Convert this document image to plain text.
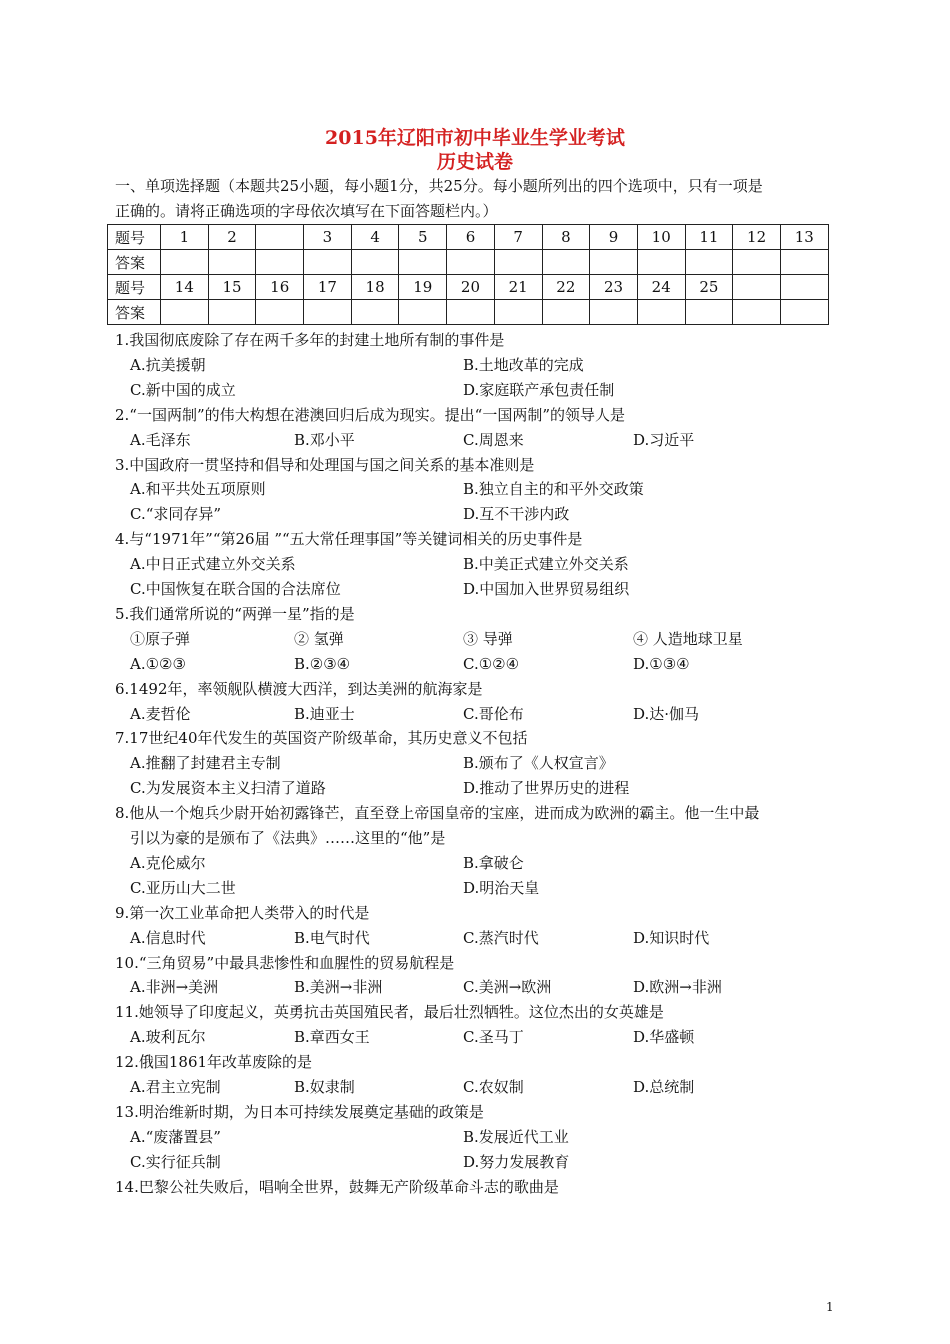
2015年辽阳市初中毕业生学业考试
历史试卷
一、单项选择题（本题共25小题，每小题1分，共25分。每小题所列出的四个选项中，只有一项是
正确的。请将正确选项的字母依次填写在下面答题栏内。）
题号	1	2		3	4	5	6	7	8	9	10	11	12	13
答案														
题号	14	15	16	17	18	19	20	21	22	23	24	25		
答案														
1.我国彻底废除了存在两千多年的封建土地所有制的事件是
A.抗美援朝	B.土地改革的完成
C.新中国的成立	D.家庭联产承包责任制
2.“一国两制”的伟大构想在港澳回归后成为现实。提出“一国两制”的领导人是
A.毛泽东	B.邓小平	C.周恩来	D.习近平
3.中国政府一贯坚持和倡导和处理国与国之间关系的基本准则是
A.和平共处五项原则	B.独立自主的和平外交政策
C.“求同存异”	D.互不干涉内政
4.与“1971年”“第26届 ”“五大常任理事国”等关键词相关的历史事件是
A.中日正式建立外交关系	B.中美正式建立外交关系
C.中国恢复在联合国的合法席位	D.中国加入世界贸易组织
5.我们通常所说的“两弹一星”指的是
①原子弹	② 氢弹	③ 导弹	④ 人造地球卫星
A.①②③	B.②③④	C.①②④	D.①③④
6.1492年，率领舰队横渡大西洋，到达美洲的航海家是
A.麦哲伦	B.迪亚士	C.哥伦布	D.达·伽马
7.17世纪40年代发生的英国资产阶级革命，其历史意义不包括
A.推翻了封建君主专制	B.颁布了《人权宣言》
C.为发展资本主义扫清了道路	D.推动了世界历史的进程
8.他从一个炮兵少尉开始初露锋芒，直至登上帝国皇帝的宝座，进而成为欧洲的霸主。他一生中最
引以为豪的是颁布了《法典》……这里的“他”是
A.克伦威尔	B.拿破仑
C.亚历山大二世	D.明治天皇
9.第一次工业革命把人类带入的时代是
A.信息时代	B.电气时代	C.蒸汽时代	D.知识时代
10.“三角贸易”中最具悲惨性和血腥性的贸易航程是
A.非洲→美洲	B.美洲→非洲	C.美洲→欧洲	D.欧洲→非洲
11.她领导了印度起义，英勇抗击英国殖民者，最后壮烈牺牲。这位杰出的女英雄是
A.玻利瓦尔	B.章西女王	C.圣马丁	D.华盛顿
12.俄国1861年改革废除的是
A.君主立宪制	B.奴隶制	C.农奴制	D.总统制
13.明治维新时期，为日本可持续发展奠定基础的政策是
A.“废藩置县”	B.发展近代工业
C.实行征兵制	D.努力发展教育
14.巴黎公社失败后，唱响全世界，鼓舞无产阶级革命斗志的歌曲是
1
